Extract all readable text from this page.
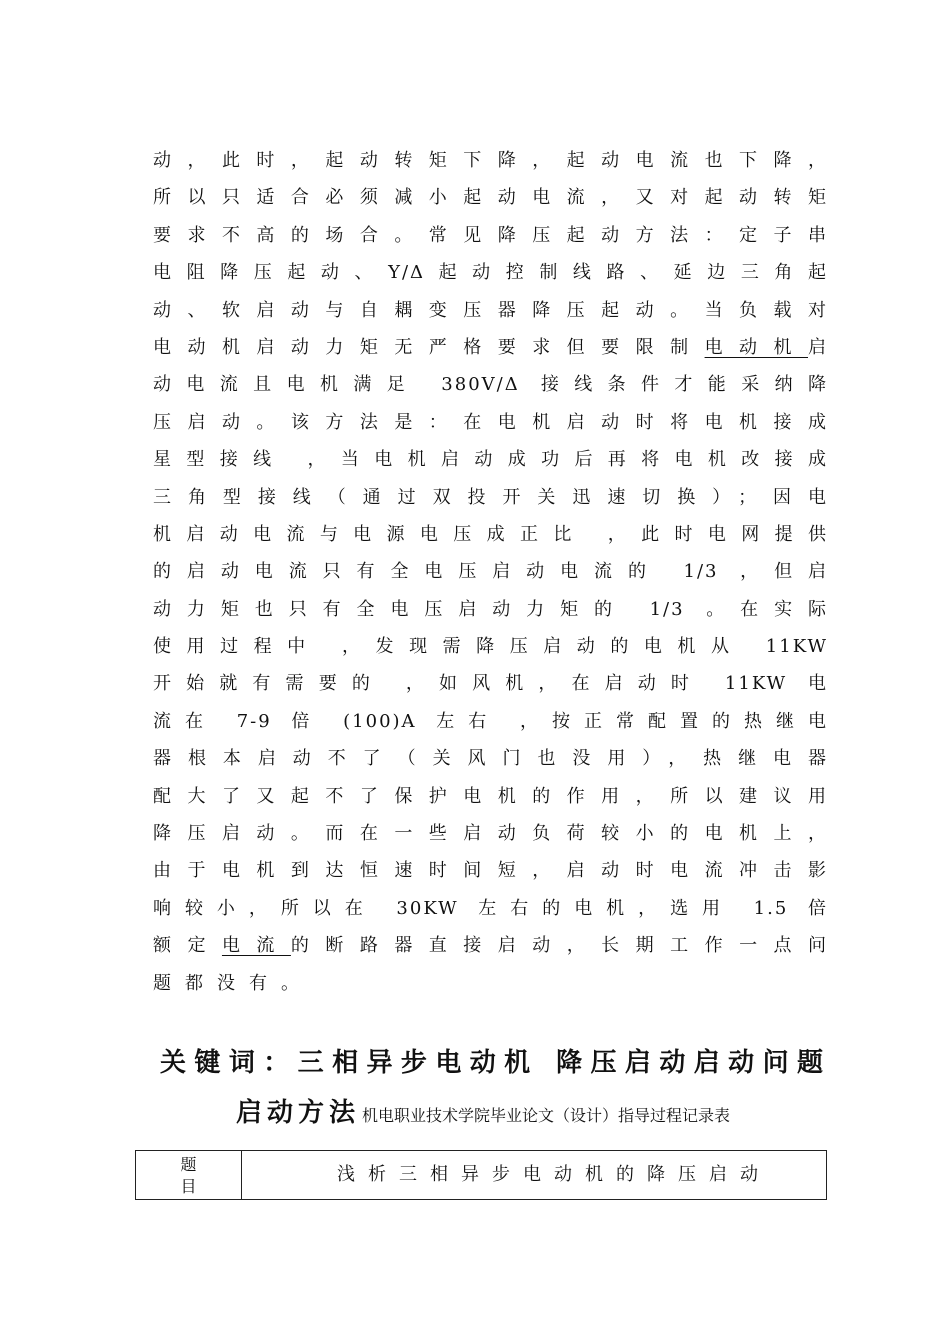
动，此时，起动转矩下降，起动电流也下降，
所以只适合必须减小起动电流，又对起动转矩
要求不高的场合。常见降压起动方法：定子串
电阻降压起动、Y/Δ起动控制线路、延边三角起
动、软启动与自耦变压器降压起动。当负载对
电动机启动力矩无严格要求但要限制电动机启
动电流且电机满足 380V/Δ 接线条件才能采纳降
压启动。该方法是：在电机启动时将电机接成
星型接线 ，当电机启动成功后再将电机改接成
三角型接线（通过双投开关迅速切换）；因电
机启动电流与电源电压成正比 ，此时电网提供
的启动电流只有全电压启动电流的 1/3 ，但启
动力矩也只有全电压启动力矩的 1/3 。在实际
使用过程中 ，发现需降压启动的电机从 11KW
开始就有需要的 ，如风机，在启动时 11KW 电
流在 7-9 倍 (100)A 左右 ，按正常配置的热继电
器根本启动不了（关风门也没用），热继电器
配大了又起不了保护电机的作用，所以建议用
降压启动。而在一些启动负荷较小的电机上，
由于电机到达恒速时间短，启动时电流冲击影
响较小，所以在 30KW 左右的电机，选用 1.5 倍
额定电流的断路器直接启动，长期工作一点问
题都没有。
关键词：三相异步电动机 降压启动启动问题
启动方法 机电职业技术学院毕业论文（设计）指导过程记录表
题
目
浅析三相异步电动机的降压启动
